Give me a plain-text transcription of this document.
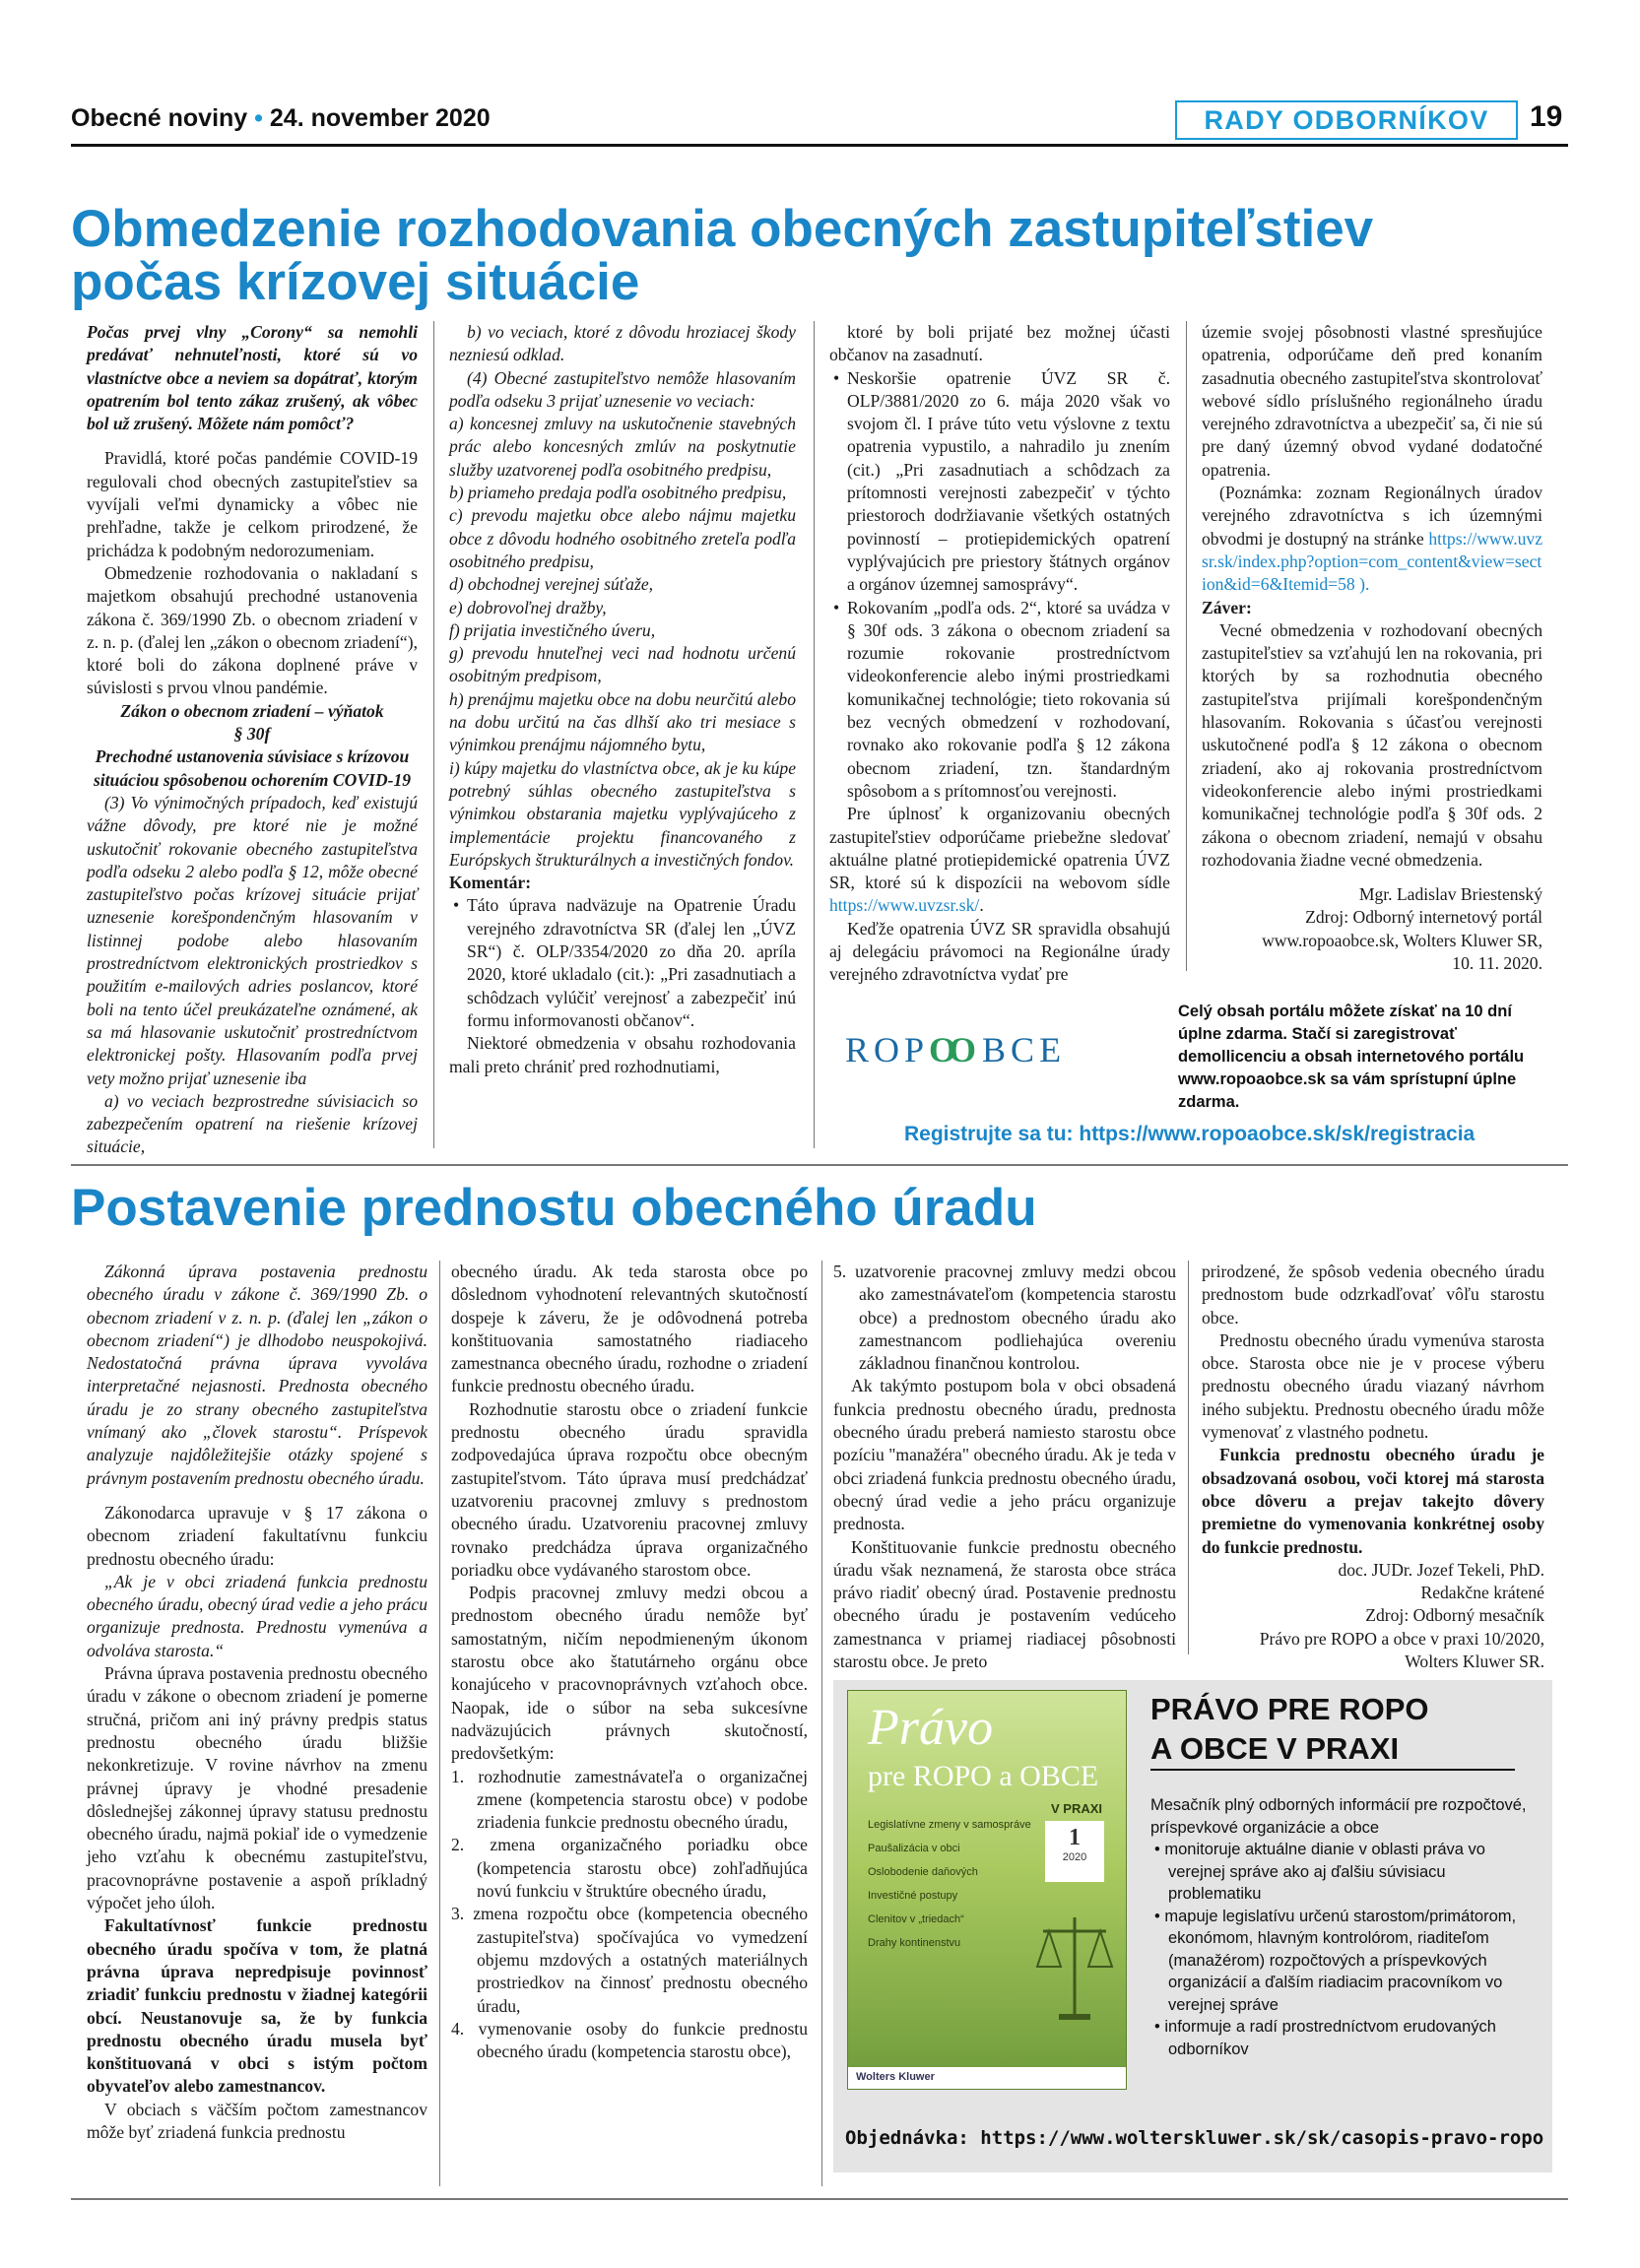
Obecné noviny • 24. november 2020	RADY ODBORNÍKOV	19
Obmedzenie rozhodovania obecných zastupiteľstiev
počas krízovej situácie

Počas prvej vlny „Corony“ sa nemohli predávať nehnuteľnosti, ktoré sú vo vlastníctve obce a neviem sa dopátrať, ktorým opatrením bol tento zákaz zrušený, ak vôbec bol už zrušený. Môžete nám pomôcť?

Pravidlá, ktoré počas pandémie COVID-19 regulovali chod obecných zastupiteľstiev sa vyvíjali veľmi dynamicky a vôbec nie prehľadne, takže je celkom prirodzené, že prichádza k podobným nedorozumeniam.

Obmedzenie rozhodovania o nakladaní s majetkom obsahujú prechodné ustanovenia zákona č. 369/1990 Zb. o obecnom zriadení v z. n. p. (ďalej len „zákon o obecnom zriadení“), ktoré boli do zákona doplnené práve v súvislosti s prvou vlnou pandémie.

Zákon o obecnom zriadení – výňatok

§ 30f

Prechodné ustanovenia súvisiace s krízovou situáciou spôsobenou ochorením COVID-19

(3) Vo výnimočných prípadoch, keď existujú vážne dôvody, pre ktoré nie je možné uskutočniť rokovanie obecného zastupiteľstva podľa odseku 2 alebo podľa § 12, môže obecné zastupiteľstvo počas krízovej situácie prijať uznesenie korešpondenčným hlasovaním v listinnej podobe alebo hlasovaním prostredníctvom elektronických prostriedkov s použitím e-mailových adries poslancov, ktoré boli na tento účel preukázateľne oznámené, ak sa má hlasovanie uskutočniť prostredníctvom elektronickej pošty. Hlasovaním podľa prvej vety možno prijať uznesenie iba

a) vo veciach bezprostredne súvisiacich so zabezpečením opatrení na riešenie krízovej situácie,

b) vo veciach, ktoré z dôvodu hroziacej škody nezniesú odklad.

(4) Obecné zastupiteľstvo nemôže hlasovaním podľa odseku 3 prijať uznesenie vo veciach:

a) koncesnej zmluvy na uskutočnenie stavebných prác alebo koncesných zmlúv na poskytnutie služby uzatvorenej podľa osobitného predpisu,

b) priameho predaja podľa osobitného predpisu,

c) prevodu majetku obce alebo nájmu majetku obce z dôvodu hodného osobitného zreteľa podľa osobitného predpisu,

d) obchodnej verejnej súťaže,

e) dobrovoľnej dražby,

f) prijatia investičného úveru,

g) prevodu hnuteľnej veci nad hodnotu určenú osobitným predpisom,

h) prenájmu majetku obce na dobu neurčitú alebo na dobu určitú na čas dlhší ako tri mesiace s výnimkou prenájmu nájomného bytu,

i) kúpy majetku do vlastníctva obce, ak je ku kúpe potrebný súhlas obecného zastupiteľstva s výnimkou obstarania majetku vyplývajúceho z implementácie projektu financovaného z Európskych štrukturálnych a investičných fondov.

Komentár:

• Táto úprava nadväzuje na Opatrenie Úradu verejného zdravotníctva SR (ďalej len „ÚVZ SR“) č. OLP/3354/2020 zo dňa 20. apríla 2020, ktoré ukladalo (cit.): „Pri zasadnutiach a schôdzach vylúčiť verejnosť a zabezpečiť inú formu informovanosti občanov“.

Niektoré obmedzenia v obsahu rozhodovania mali preto chrániť pred rozhodnutiami,

ktoré by boli prijaté bez možnej účasti občanov na zasadnutí.

• Neskoršie opatrenie ÚVZ SR č. OLP/3881/2020 zo 6. mája 2020 však vo svojom čl. I práve túto vetu výslovne z textu opatrenia vypustilo, a nahradilo ju znením (cit.) „Pri zasadnutiach a schôdzach za prítomnosti verejnosti zabezpečiť v týchto priestoroch dodržiavanie všetkých ostatných povinností – protiepidemických opatrení vyplývajúcich pre priestory štátnych orgánov a orgánov územnej samosprávy“.

• Rokovaním „podľa ods. 2“, ktoré sa uvádza v § 30f ods. 3 zákona o obecnom zriadení sa rozumie rokovanie prostredníctvom videokonferencie alebo inými prostriedkami komunikačnej technológie; tieto rokovania sú bez vecných obmedzení v rozhodovaní, rovnako ako rokovanie podľa § 12 zákona obecnom zriadení, tzn. štandardným spôsobom a s prítomnosťou verejnosti.

Pre úplnosť k organizovaniu obecných zastupiteľstiev odporúčame priebežne sledovať aktuálne platné protiepidemické opatrenia ÚVZ SR, ktoré sú k dispozícii na webovom sídle https://www.uvzsr.sk/.

Keďže opatrenia ÚVZ SR spravidla obsahujú aj delegáciu právomoci na Regionálne úrady verejného zdravotníctva vydať pre

územie svojej pôsobnosti vlastné spresňujúce opatrenia, odporúčame deň pred konaním zasadnutia obecného zastupiteľstva skontrolovať webové sídlo príslušného regionálneho úradu verejného zdravotníctva a ubezpečiť sa, či nie sú pre daný územný obvod vydané dodatočné opatrenia.

(Poznámka: zoznam Regionálnych úradov verejného zdravotníctva s ich územnými obvodmi je dostupný na stránke https://www.uvzsr.sk/index.php?option=com_content&view=section&id=6&Itemid=58 ).

Záver:

Vecné obmedzenia v rozhodovaní obecných zastupiteľstiev sa vzťahujú len na rokovania, pri ktorých by sa rozhodnutia obecného zastupiteľstva prijímali korešpondenčným hlasovaním. Rokovania s účasťou verejnosti uskutočnené podľa § 12 zákona o obecnom zriadení, ako aj rokovania prostredníctvom videokonferencie alebo inými prostriedkami komunikačnej technológie podľa § 30f ods. 2 zákona o obecnom zriadení, nemajú v obsahu rozhodovania žiadne vecné obmedzenia.

Mgr. Ladislav Briestenský

Zdroj: Odborný internetový portál

www.ropoaobce.sk, Wolters Kluwer SR,

10. 11. 2020.

ROPOO BCE
Celý obsah portálu môžete získať na 10 dní úplne zdarma. Stačí si zaregistrovať demollicenciu a obsah internetového portálu www.ropoaobce.sk sa vám sprístupní úplne zdarma.
Registrujte sa tu: https://www.ropoaobce.sk/sk/registracia
Postavenie prednostu obecného úradu

Zákonná úprava postavenia prednostu obecného úradu v zákone č. 369/1990 Zb. o obecnom zriadení v z. n. p. (ďalej len „zákon o obecnom zriadení“) je dlhodobo neuspokojivá. Nedostatočná právna úprava vyvoláva interpretačné nejasnosti. Prednosta obecného úradu je zo strany obecného zastupiteľstva vnímaný ako „človek starostu“. Príspevok analyzuje najdôležitejšie otázky spojené s právnym postavením prednostu obecného úradu.

Zákonodarca upravuje v § 17 zákona o obecnom zriadení fakultatívnu funkciu prednostu obecného úradu:

„Ak je v obci zriadená funkcia prednostu obecného úradu, obecný úrad vedie a jeho prácu organizuje prednosta. Prednostu vymenúva a odvoláva starosta.“

Právna úprava postavenia prednostu obecného úradu v zákone o obecnom zriadení je pomerne stručná, pričom ani iný právny predpis status prednostu obecného úradu bližšie nekonkretizuje. V rovine návrhov na zmenu právnej úpravy je vhodné presadenie dôslednejšej zákonnej úpravy statusu prednostu obecného úradu, najmä pokiaľ ide o vymedzenie jeho vzťahu k obecnému zastupiteľstvu, pracovnoprávne postavenie a aspoň príkladný výpočet jeho úloh.

Fakultatívnosť funkcie prednostu obecného úradu spočíva v tom, že platná právna úprava nepredpisuje povinnosť zriadiť funkciu prednostu v žiadnej kategórii obcí. Neustanovuje sa, že by funkcia prednostu obecného úradu musela byť konštituovaná v obci s istým počtom obyvateľov alebo zamestnancov.

V obciach s väčším počtom zamestnancov môže byť zriadená funkcia prednostu

obecného úradu. Ak teda starosta obce po dôslednom vyhodnotení relevantných skutočností dospeje k záveru, že je odôvodnená potreba konštituovania samostatného riadiaceho zamestnanca obecného úradu, rozhodne o zriadení funkcie prednostu obecného úradu.

Rozhodnutie starostu obce o zriadení funkcie prednostu obecného úradu spravidla zodpovedajúca úprava rozpočtu obce obecným zastupiteľstvom. Táto úprava musí predchádzať uzatvoreniu pracovnej zmluvy s prednostom obecného úradu. Uzatvoreniu pracovnej zmluvy rovnako predchádza úprava organizačného poriadku obce vydávaného starostom obce.

Podpis pracovnej zmluvy medzi obcou a prednostom obecného úradu nemôže byť samostatným, ničím nepodmieneným úkonom starostu obce ako štatutárneho orgánu obce konajúceho v pracovnoprávnych vzťahoch obce. Naopak, ide o súbor na seba sukcesívne nadväzujúcich právnych skutočností, predovšetkým:

1. rozhodnutie zamestnávateľa o organizačnej zmene (kompetencia starostu obce) v podobe zriadenia funkcie prednostu obecného úradu,

2. zmena organizačného poriadku obce (kompetencia starostu obce) zohľadňujúca novú funkciu v štruktúre obecného úradu,

3. zmena rozpočtu obce (kompetencia obecného zastupiteľstva) spočívajúca vo vymedzení objemu mzdových a ostatných materiálnych prostriedkov na činnosť prednostu obecného úradu,

4. vymenovanie osoby do funkcie prednostu obecného úradu (kompetencia starostu obce),

5. uzatvorenie pracovnej zmluvy medzi obcou ako zamestnávateľom (kompetencia starostu obce) a prednostom obecného úradu ako zamestnancom podliehajúca overeniu základnou finančnou kontrolou.

Ak takýmto postupom bola v obci obsadená funkcia prednostu obecného úradu, prednosta obecného úradu preberá namiesto starostu obce pozíciu "manažéra" obecného úradu. Ak je teda v obci zriadená funkcia prednostu obecného úradu, obecný úrad vedie a jeho prácu organizuje prednosta.

Konštituovanie funkcie prednostu obecného úradu však neznamená, že starosta obce stráca právo riadiť obecný úrad. Postavenie prednostu obecného úradu je postavením vedúceho zamestnanca v priamej riadiacej pôsobnosti starostu obce. Je preto

prirodzené, že spôsob vedenia obecného úradu prednostom bude odzrkadľovať vôľu starostu obce.

Prednostu obecného úradu vymenúva starosta obce. Starosta obce nie je v procese výberu prednostu obecného úradu viazaný návrhom iného subjektu. Prednostu obecného úradu môže vymenovať z vlastného podnetu.

Funkcia prednostu obecného úradu je obsadzovaná osobou, voči ktorej má starosta obce dôveru a prejav takejto dôvery premietne do vymenovania konkrétnej osoby do funkcie prednostu.

doc. JUDr. Jozef Tekeli, PhD.

Redakčne krátené

Zdroj: Odborný mesačník

Právo pre ROPO a obce v praxi 10/2020,

Wolters Kluwer SR.

Právo
pre ROPO a OBCE
V PRAXI
1
2020
Legislatívne zmeny v samospráve
Paušalizácia v obci
Oslobodenie daňových
Investičné postupy
Clenitov v „triedach“
Drahy kontinenstvu
Wolters Kluwer
PRÁVO PRE ROPO
A OBCE V PRAXI
Mesačník plný odborných informácií pre rozpočtové, príspevkové organizácie a obce
• monitoruje aktuálne dianie v oblasti práva vo verejnej správe ako aj ďalšiu súvisiacu problematiku
• mapuje legislatívu určenú starostom/primátorom, ekonómom, hlavným kontrolórom, riaditeľom (manažérom) rozpočtových a príspevkových organizácií a ďalším riadiacim pracovníkom vo verejnej správe
• informuje a radí prostredníctvom erudovaných odborníkov
Objednávka: https://www.wolterskluwer.sk/sk/casopis-pravo-ropo
